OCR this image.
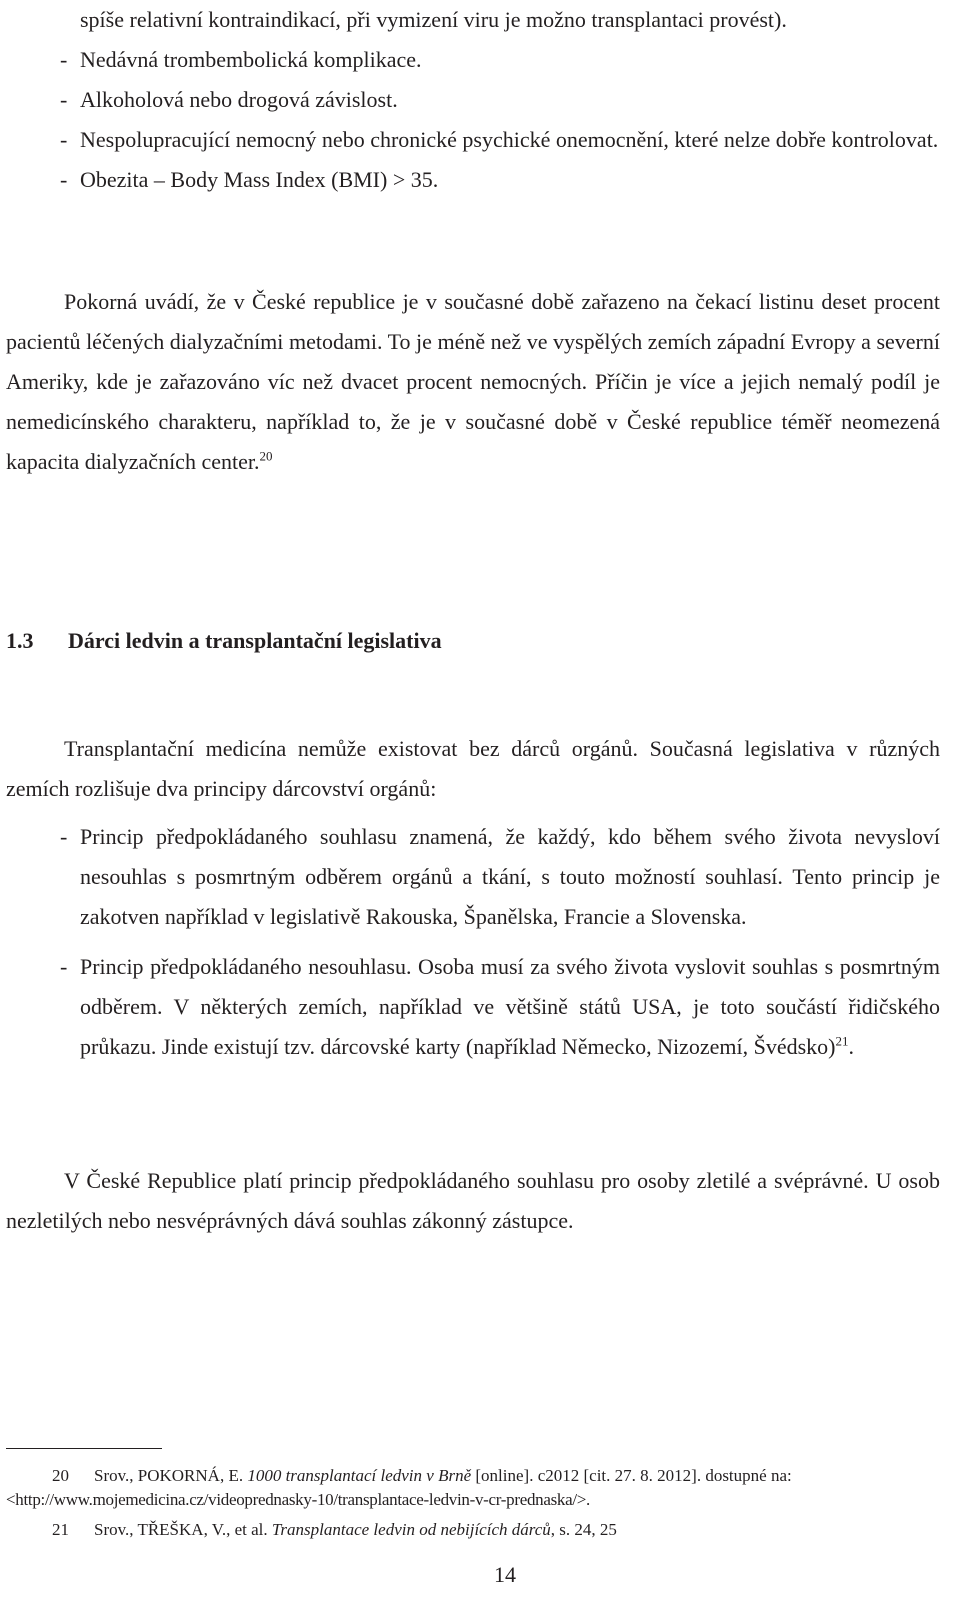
spíše relativní kontraindikací, při vymizení viru je možno transplantaci provést).
- Nedávná trombembolická komplikace.
- Alkoholová nebo drogová závislost.
- Nespolupracující nemocný nebo chronické psychické onemocnění, které nelze dobře kontrolovat.
- Obezita – Body Mass Index (BMI) > 35.

Pokorná uvádí, že v České republice je v současné době zařazeno na čekací listinu deset procent pacientů léčených dialyzačními metodami. To je méně než ve vyspělých zemích západní Evropy a severní Ameriky, kde je zařazováno víc než dvacet procent nemocných. Příčin je více a jejich nemalý podíl je nemedicínského charakteru, například to, že je v současné době v České republice téměř neomezená kapacita dialyzačních center.$^{20}$

1.3	Dárci ledvin a transplantační legislativa

Transplantační medicína nemůže existovat bez dárců orgánů. Současná legislativa v různých zemích rozlišuje dva principy dárcovství orgánů:

- Princip předpokládaného souhlasu znamená, že každý, kdo během svého života nevysloví nesouhlas s posmrtným odběrem orgánů a tkání, s touto možností souhlasí. Tento princip je zakotven například v legislativě Rakouska, Španělska, Francie a Slovenska.
- Princip předpokládaného nesouhlasu. Osoba musí za svého života vyslovit souhlas s posmrtným odběrem. V některých zemích, například ve většině států USA, je toto součástí řidičského průkazu. Jinde existují tzv. dárcovské karty (například Německo, Nizozemí, Švédsko)$^{21}$.

V České Republice platí princip předpokládaného souhlasu pro osoby zletilé a svéprávné. U osob nezletilých nebo nesvéprávných dává souhlas zákonný zástupce.

20	Srov., POKORNÁ, E. 1000 transplantací ledvin v Brně [online]. c2012 [cit. 27. 8. 2012]. dostupné na:
<http://www.mojemedicina.cz/videoprednasky-10/transplantace-ledvin-v-cr-prednaska/>.
21	Srov., TŘEŠKA, V., et al. Transplantace ledvin od nebijících dárců, s. 24, 25
14
